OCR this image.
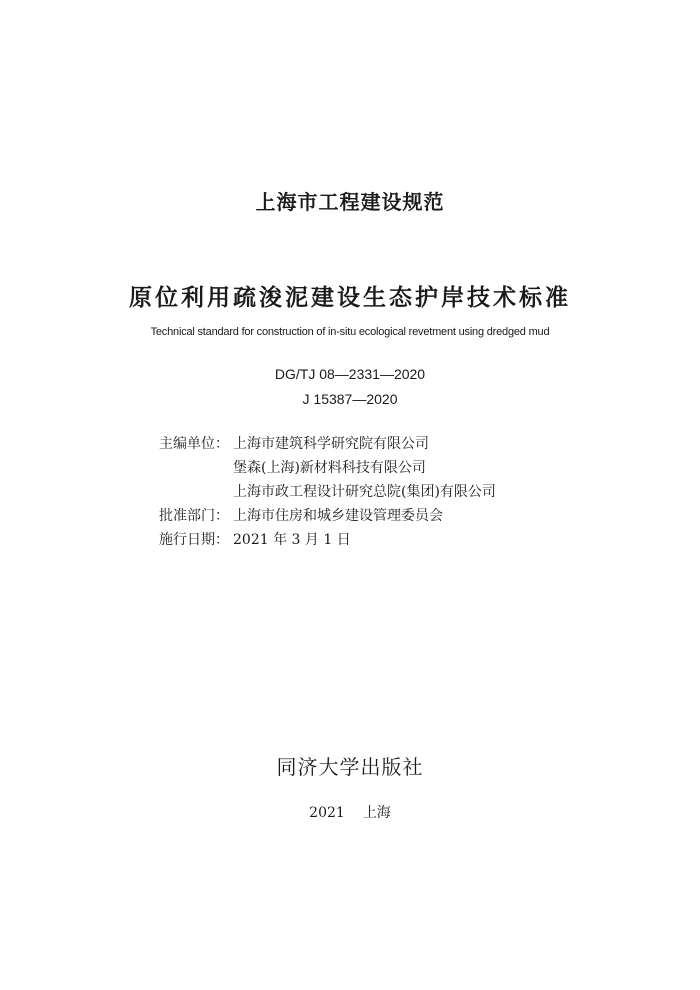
上海市工程建设规范
原位利用疏浚泥建设生态护岸技术标准
Technical standard for construction of in-situ ecological revetment using dredged mud
DG/TJ 08—2331—2020
J 15387—2020
主编单位： 上海市建筑科学研究院有限公司
堡森(上海)新材料科技有限公司
上海市政工程设计研究总院(集团)有限公司
批准部门： 上海市住房和城乡建设管理委员会
施行日期： 2021 年 3 月 1 日
同济大学出版社
2021 上海
